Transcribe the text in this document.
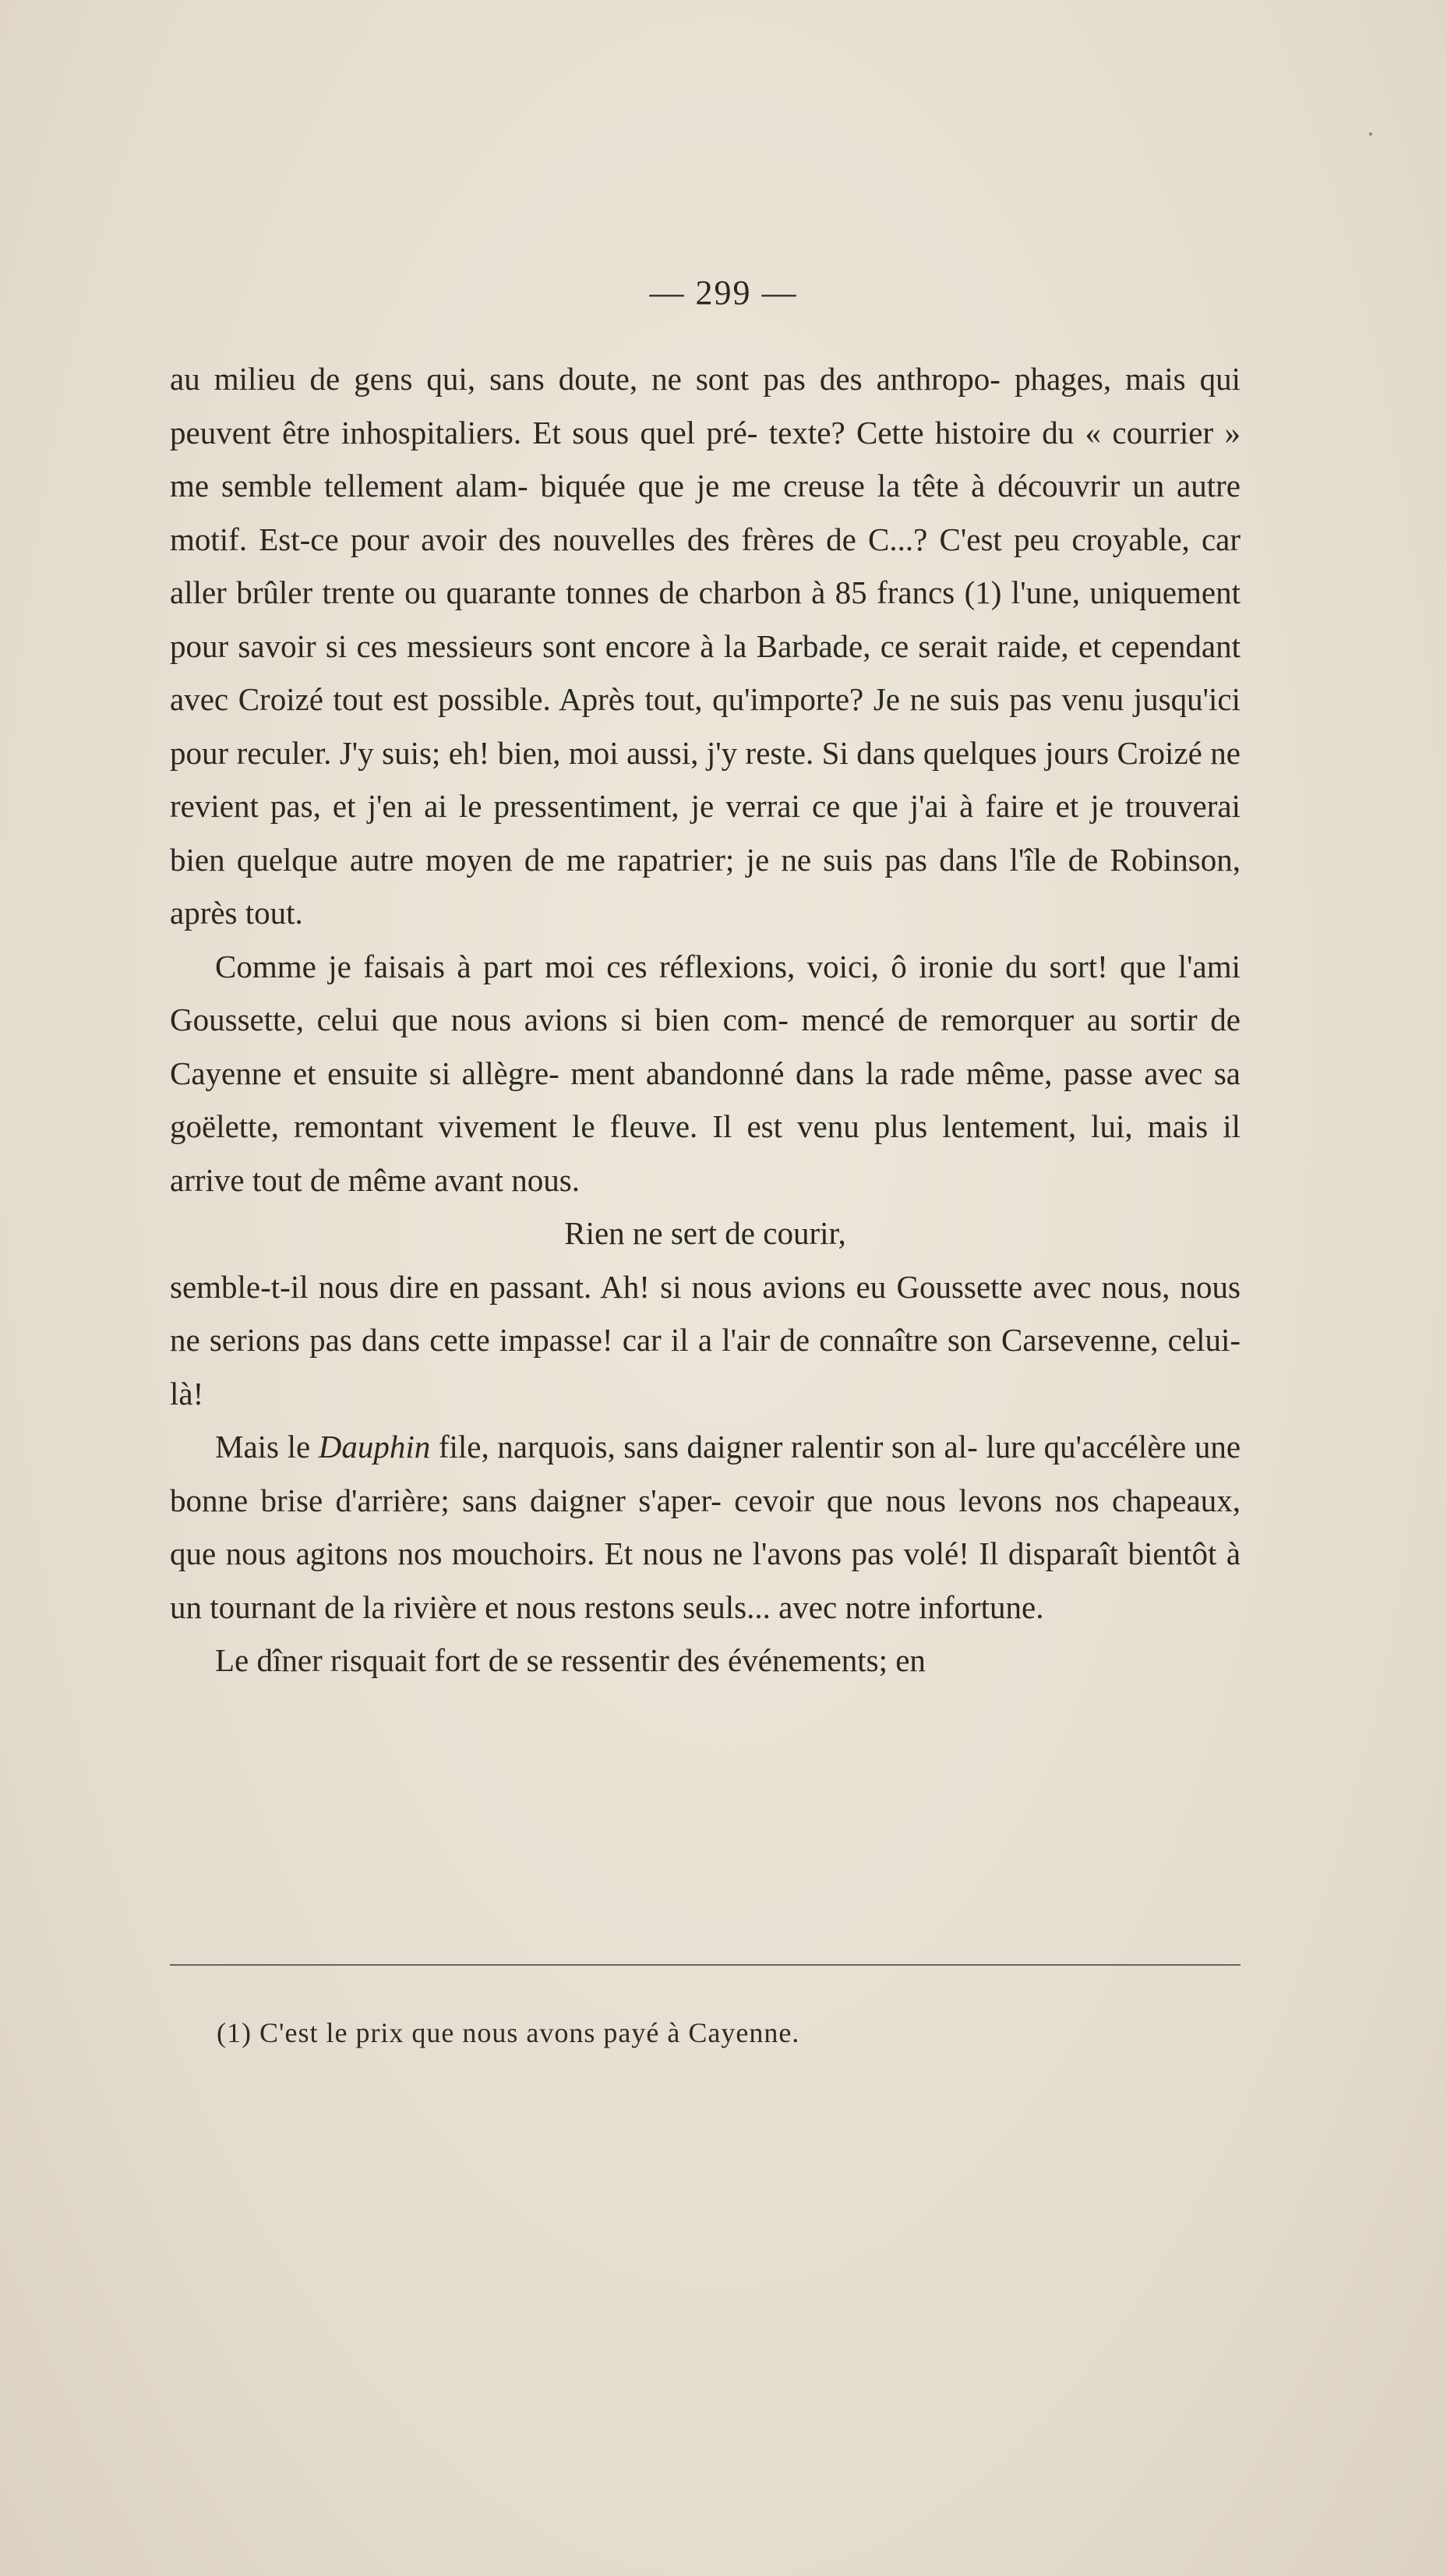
— 299 —

au milieu de gens qui, sans doute, ne sont pas des anthropo- phages, mais qui peuvent être inhospitaliers. Et sous quel pré- texte? Cette histoire du « courrier » me semble tellement alam- biquée que je me creuse la tête à découvrir un autre motif. Est-ce pour avoir des nouvelles des frères de C...? C'est peu croyable, car aller brûler trente ou quarante tonnes de charbon à 85 francs (1) l'une, uniquement pour savoir si ces messieurs sont encore à la Barbade, ce serait raide, et cependant avec Croizé tout est possible. Après tout, qu'importe? Je ne suis pas venu jusqu'ici pour reculer. J'y suis; eh! bien, moi aussi, j'y reste. Si dans quelques jours Croizé ne revient pas, et j'en ai le pressentiment, je verrai ce que j'ai à faire et je trouverai bien quelque autre moyen de me rapatrier; je ne suis pas dans l'île de Robinson, après tout.

Comme je faisais à part moi ces réflexions, voici, ô ironie du sort! que l'ami Goussette, celui que nous avions si bien com- mencé de remorquer au sortir de Cayenne et ensuite si allègre- ment abandonné dans la rade même, passe avec sa goëlette, remontant vivement le fleuve. Il est venu plus lentement, lui, mais il arrive tout de même avant nous.

Rien ne sert de courir,

semble-t-il nous dire en passant. Ah! si nous avions eu Goussette avec nous, nous ne serions pas dans cette impasse! car il a l'air de connaître son Carsevenne, celui-là!

Mais le Dauphin file, narquois, sans daigner ralentir son al- lure qu'accélère une bonne brise d'arrière; sans daigner s'aper- cevoir que nous levons nos chapeaux, que nous agitons nos mouchoirs. Et nous ne l'avons pas volé! Il disparaît bientôt à un tournant de la rivière et nous restons seuls... avec notre infortune.

Le dîner risquait fort de se ressentir des événements; en

(1) C'est le prix que nous avons payé à Cayenne.
